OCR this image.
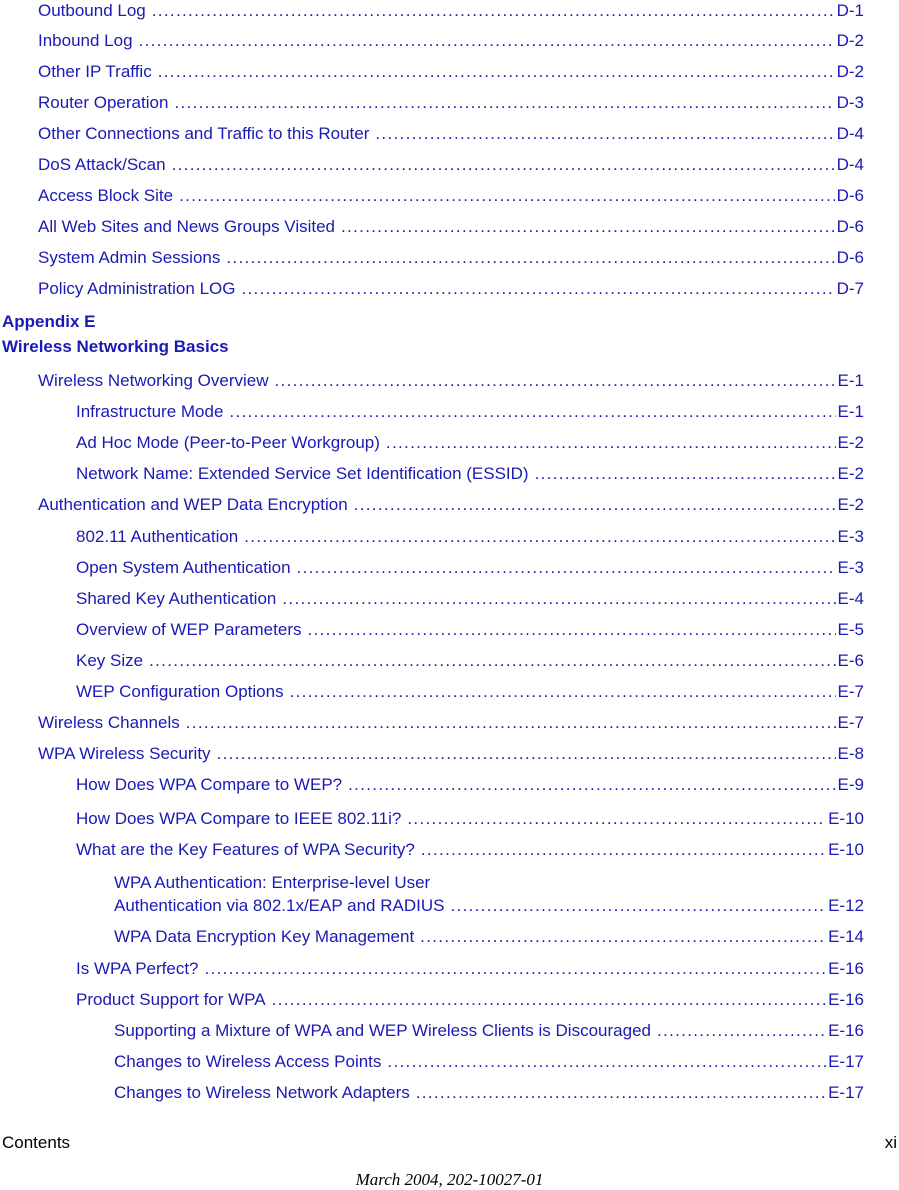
Outbound Log . . .	D-1
Inbound Log . . .	D-2
Other IP Traffic . . .	D-2
Router Operation . . .	D-3
Other Connections and Traffic to this Router . . .	D-4
DoS Attack/Scan . . .	D-4
Access Block Site . . .	D-6
All Web Sites and News Groups Visited . . .	D-6
System Admin Sessions . . .	D-6
Policy Administration LOG . . .	D-7
Appendix E
Wireless Networking Basics
Wireless Networking Overview . . .	E-1
Infrastructure Mode . . .	E-1
Ad Hoc Mode (Peer-to-Peer Workgroup) . . .	E-2
Network Name: Extended Service Set Identification (ESSID) . . .	E-2
Authentication and WEP Data Encryption . . .	E-2
802.11 Authentication . . .	E-3
Open System Authentication . . .	E-3
Shared Key Authentication . . .	E-4
Overview of WEP Parameters . . .	E-5
Key Size . . .	E-6
WEP Configuration Options . . .	E-7
Wireless Channels . . .	E-7
WPA Wireless Security . . .	E-8
How Does WPA Compare to WEP? . . .	E-9
How Does WPA Compare to IEEE 802.11i? . . .	E-10
What are the Key Features of WPA Security? . . .	E-10
WPA Authentication: Enterprise-level User
Authentication via 802.1x/EAP and RADIUS . . .	E-12
WPA Data Encryption Key Management . . .	E-14
Is WPA Perfect? . . .	E-16
Product Support for WPA . . .	E-16
Supporting a Mixture of WPA and WEP Wireless Clients is Discouraged . . .	E-16
Changes to Wireless Access Points . . .	E-17
Changes to Wireless Network Adapters . . .	E-17
Contents	xi
March 2004, 202-10027-01
